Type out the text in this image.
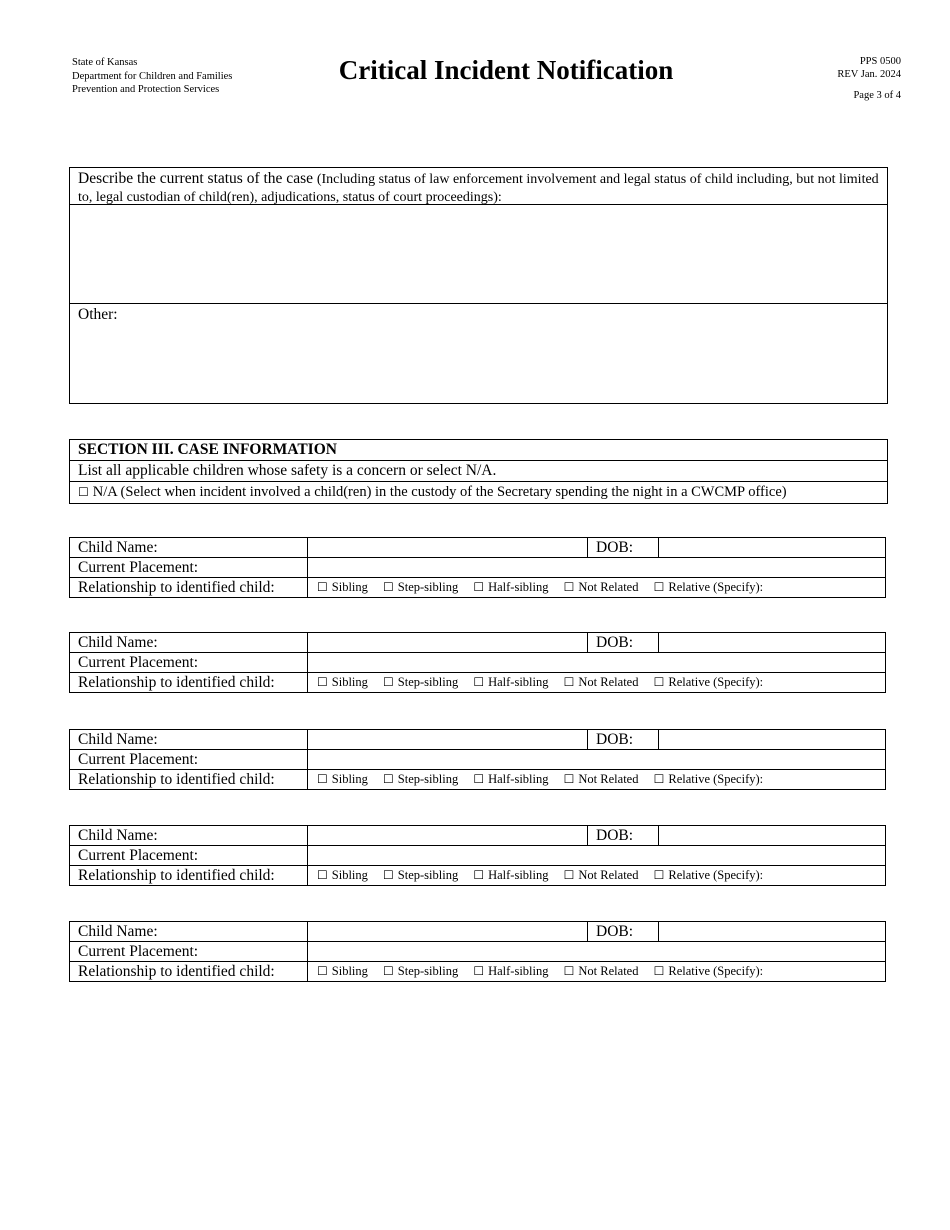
State of Kansas
Department for Children and Families
Prevention and Protection Services
Critical Incident Notification	PPS 0500
REV Jan. 2024
Page 3 of 4
Describe the current status of the case (Including status of law enforcement involvement and legal status of child including, but not limited to, legal custodian of child(ren), adjudications, status of court proceedings):
Other:
SECTION III. CASE INFORMATION
List all applicable children whose safety is a concern or select N/A.
☐ N/A (Select when incident involved a child(ren) in the custody of the Secretary spending the night in a CWCMP office)
Child Name:		DOB:	
Current Placement:			
Relationship to identified child:	☐ Sibling ☐ Step-sibling ☐ Half-sibling ☐ Not Related ☐ Relative (Specify):		
Child Name:		DOB:	
Current Placement:			
Relationship to identified child:	☐ Sibling ☐ Step-sibling ☐ Half-sibling ☐ Not Related ☐ Relative (Specify):		
Child Name:		DOB:	
Current Placement:			
Relationship to identified child:	☐ Sibling ☐ Step-sibling ☐ Half-sibling ☐ Not Related ☐ Relative (Specify):		
Child Name:		DOB:	
Current Placement:			
Relationship to identified child:	☐ Sibling ☐ Step-sibling ☐ Half-sibling ☐ Not Related ☐ Relative (Specify):		
Child Name:		DOB:	
Current Placement:			
Relationship to identified child:	☐ Sibling ☐ Step-sibling ☐ Half-sibling ☐ Not Related ☐ Relative (Specify):		
